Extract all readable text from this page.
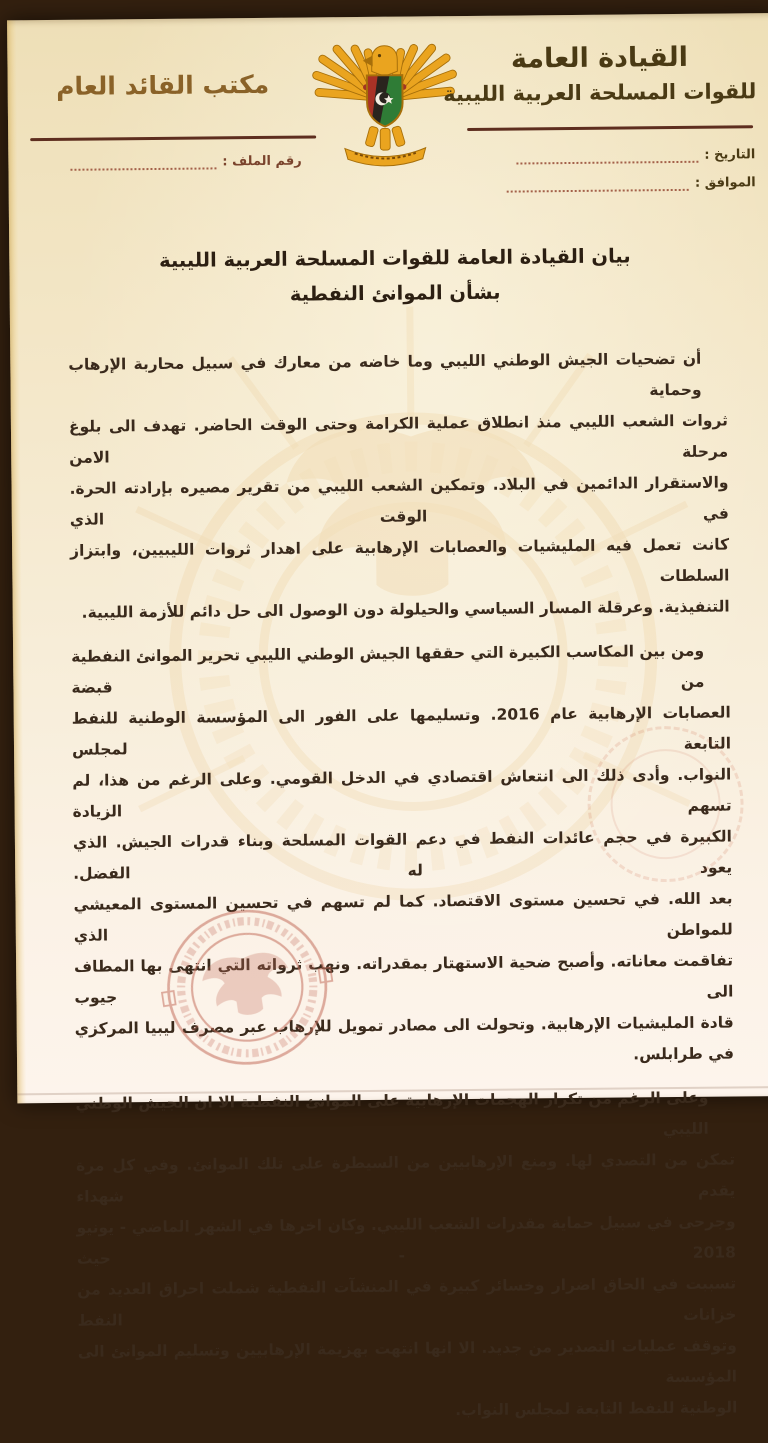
القيادة العامة
للقوات المسلحة العربية الليبية
التاريخ :
الموافق :
مكتب القائد العام
رقم الملف :
بيان القيادة العامة للقوات المسلحة العربية الليبية
بشأن الموانئ النفطية
أن تضحيات الجيش الوطني الليبي وما خاضه من معارك في سبيل محاربة الإرهاب وحماية
ثروات الشعب الليبي منذ انطلاق عملية الكرامة وحتى الوقت الحاضر. تهدف الى بلوغ مرحلة الامن
والاستقرار الدائمين في البلاد. وتمكين الشعب الليبي من تقرير مصيره بإرادته الحرة. في الوقت الذي
كانت تعمل فيه المليشيات والعصابات الإرهابية على اهدار ثروات الليبيين، وابتزاز السلطات
التنفيذية. وعرقلة المسار السياسي والحيلولة دون الوصول الى حل دائم للأزمة الليبية.
ومن بين المكاسب الكبيرة التي حققها الجيش الوطني الليبي تحرير الموانئ النفطية من قبضة
العصابات الإرهابية عام 2016. وتسليمها على الفور الى المؤسسة الوطنية للنفط التابعة لمجلس
النواب. وأدى ذلك الى انتعاش اقتصادي في الدخل القومي. وعلى الرغم من هذا، لم تسهم الزيادة
الكبيرة في حجم عائدات النفط في دعم القوات المسلحة وبناء قدرات الجيش. الذي يعود له الفضل.
بعد الله. في تحسين مستوى الاقتصاد. كما لم تسهم في تحسين المستوى المعيشي للمواطن الذي
تفاقمت معاناته. وأصبح ضحية الاستهتار بمقدراته. ونهب ثرواته التي انتهى بها المطاف الى جيوب
قادة المليشيات الإرهابية. وتحولت الى مصادر تمويل للإرهاب عبر مصرف ليبيا المركزي في طرابلس.
وعلى الرغم من تكرار الهجمات الإرهابية على الموانئ النفطية الا ان الجيش الوطني الليبي
تمكن من التصدي لها. ومنع الإرهابيين من السيطرة على تلك الموانئ. وفي كل مرة يقدم شهداء
وجرحى في سبيل حماية مقدرات الشعب الليبي. وكان اخرها في الشهر الماضي - يونيو 2018 - حيث
تسببت في الحاق اضرار وخسائر كبيرة في المنشآت النفطية شملت احراق العديد من خزانات النفط
وتوقف عمليات التصدير من جديد. الا انها انتهت بهزيمة الإرهابيين وتسليم الموانئ الى المؤسسة
الوطنية للنفط التابعة لمجلس النواب.
